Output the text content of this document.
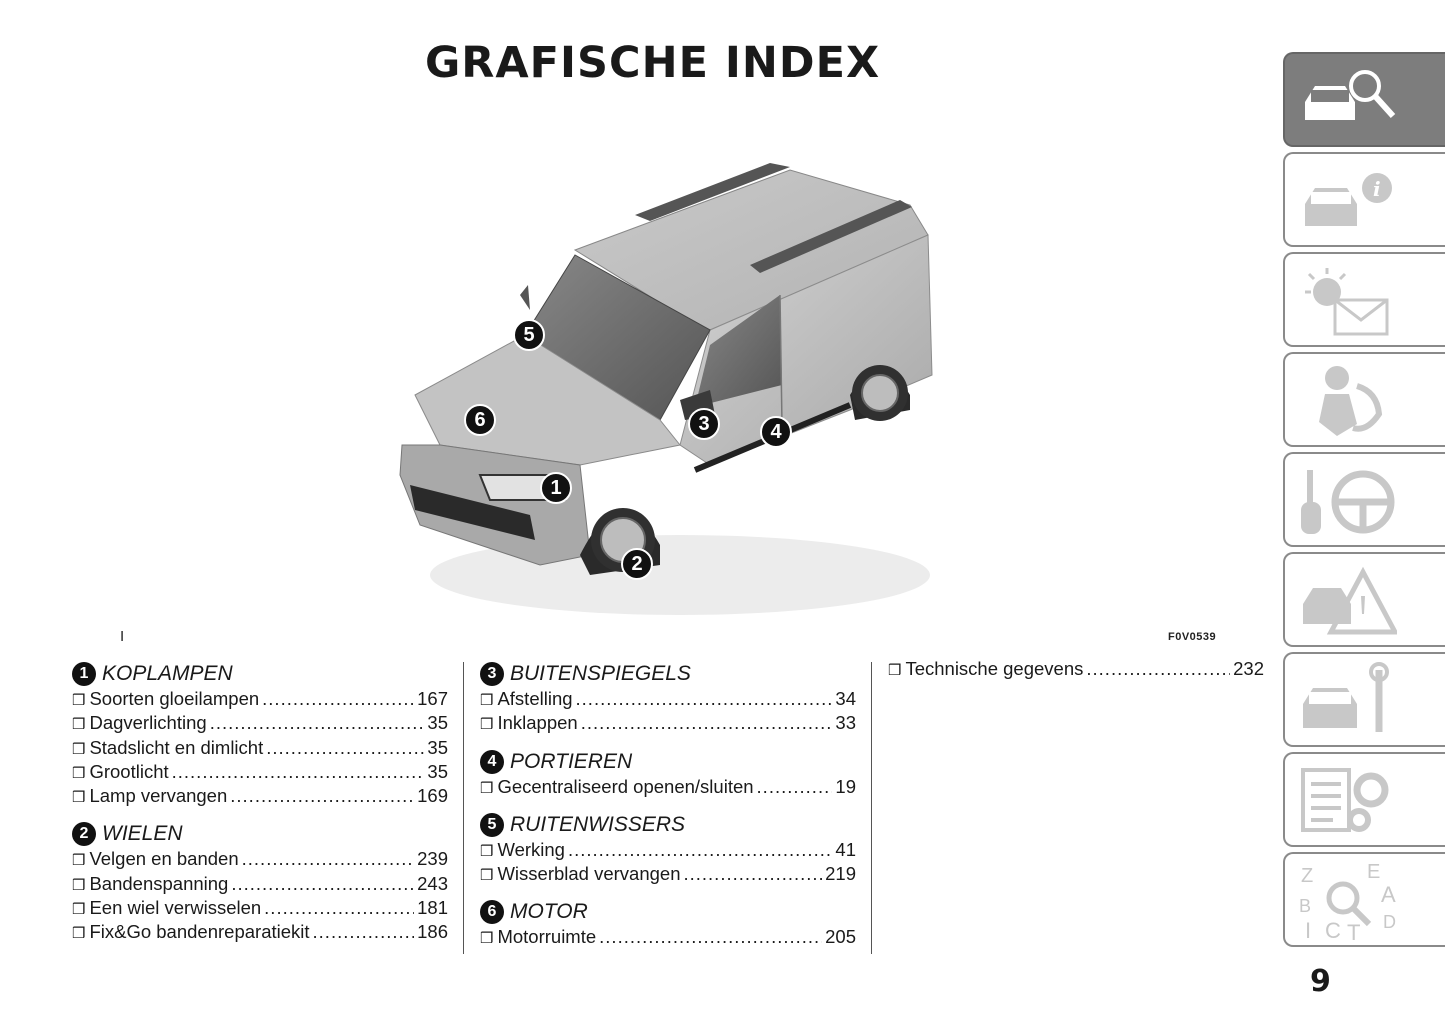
GRAFISCHE INDEX
5
6	3	4
1
2
I	F0V0539
1 KOPLAMPEN
❒ Soorten gloeilampen .....	167
❒ Dagverlichting .....	35
❒ Stadslicht en dimlicht .....	35
❒ Grootlicht .....	35
❒ Lamp vervangen .....	169
2 WIELEN
❒ Velgen en banden .....	239
❒ Bandenspanning .....	243
❒ Een wiel verwisselen .....	181
❒ Fix&Go bandenreparatiekit .....	186
3 BUITENSPIEGELS
❒ Afstelling .....	34
❒ Inklappen .....	33
4 PORTIEREN
❒ Gecentraliseerd openen/sluiten .....	19
5 RUITENWISSERS
❒ Werking .....	41
❒ Wisserblad vervangen .....	219
6 MOTOR
❒ Motorruimte .....	205
❒ Technische gegevens .....	232
i
Z	E
A
B
D
I C T
9
